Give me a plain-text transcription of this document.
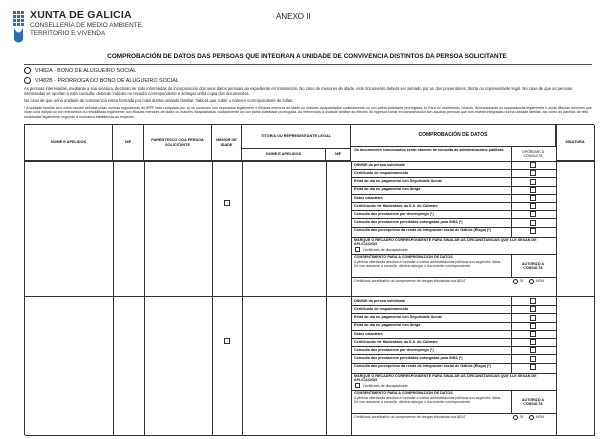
XUNTA DE GALICIA
CONSELLERÍA DE MEDIO AMBIENTE,
TERRITORIO E VIVENDA
ANEXO II
COMPROBACIÓN DE DATOS DAS PERSOAS QUE INTEGRAN A UNIDADE DE CONVIVENCIA DISTINTOS DA PERSOA SOLICITANTE
VI482A - BONO DE ALUGUEIRO SOCIAL
VI482B - PRÓRROGA DO BONO DE ALUGUEIRO SOCIAL
As persoas interesadas, mediante a súa sinatura, declaran ter sido informadas da incorporación dos seus datos persoais ao expediente en tramitación. No caso de menores de idade, este documento deberá ser asinado por un dos proxenitores, titorta ou representante legal. No caso de que as persoas interesadas se opoñan a esta consulta, deberán indicalo no recadro correspondente e achegar unha copia dos documentos.
No caso de que unha unidade de convivencia estea formada por máis dunha unidade familiar, haberá que cubrir o número correspondente de follas.
* A unidade familiar tal e como recolle definida polas normas reguladoras do IRPF está composta por: a) os cónxuxes non separados legalmente e fillos/as menores de idade ou maiores incapacitados xudicialmente ou con patria potestade prorrogada. b) Para no matrimonio, nfos/as, divorciados/as ou separados/as legalmente e os/as fillos/as menores que vivan co/a nai/pai ou con entrambos ou rehabilitada legalmente con fillos/as menores de idade ou maiores incapacitados xudicialmente ou con patria potestade prorrogada. As referencias á unidade familiar ao efectos do ingresos tomar en consideración son aquelas persoas que non estean integradas nunha unidade familiar, así como as parellas de feito rexistradas legalmente segundo a normativa establecida ao respecto.
NOME E APELIDOS	NIF
PARENTESCO COA PERSOA SOLICITANTE
MENOR DE IDADE
TITOR/A OU REPRESENTANTE LEGAL
NOME E APELIDOS	NIF
COMPROBACIÓN DE DATOS
SINATURA
Os documentos relacionados serán obxecto de consulta ás administracións públicas	OPÓÑOME Á CONSULTA
DNI/NIE da persoa solicitante
Certificado de empadroamento
Estar ao día no pagamento con Seguridade Social
Estar ao día no pagamento con Atriga
Datos catastrais
Certificación de titularidade da D.X. do Catastro
Consulta das prestacións por desemprego (*)
Consulta das prestacións percibidas outorgadas pola INSS (*)
Consulta das percepcións da renda de integración social de Galicia (Risga) (*)
MARQUE O RECADRO CORRESPONDENTE PARA SINALAR AS CIRCUNSTANCIAS QUE LLE SEXAN DE APLICACIÓN
Certificado de discapacidade
CONSENTIMENTO PARA A COMPROBACIÓN DE DATOS
A persoa interesada autoriza a consulta a outras administracións públicas dos seguintes datos. De non autorizar a consulta, deberá achegar o documento correspondente.	AUTORIZO A CONSULTA
Certificado acreditativo do cumprimento de obrigas tributarias coa AEAT	SI	NON
DNI/NIE da persoa solicitante
Certificado de empadroamento
Estar ao día no pagamento con Seguridade Social
Estar ao día no pagamento con Atriga
Datos catastrais
Certificación de titularidade da D.X. do Catastro
Consulta das prestacións por desemprego (*)
Consulta das prestacións percibidas outorgadas pola INSS (*)
Consulta das percepcións da renda de integración social de Galicia (Risga) (*)
MARQUE O RECADRO CORRESPONDENTE PARA SINALAR AS CIRCUNSTANCIAS QUE LLE SEXAN DE APLICACIÓN
Certificado de discapacidade
CONSENTIMENTO PARA A COMPROBACIÓN DE DATOS
A persoa interesada autoriza a consulta a outras administracións públicas dos seguintes datos. De non autorizar a consulta, deberá achegar o documento correspondente.	AUTORIZO A CONSULTA
Certificado acreditativo do cumprimento de obrigas tributarias coa AEAT	SI	NON
